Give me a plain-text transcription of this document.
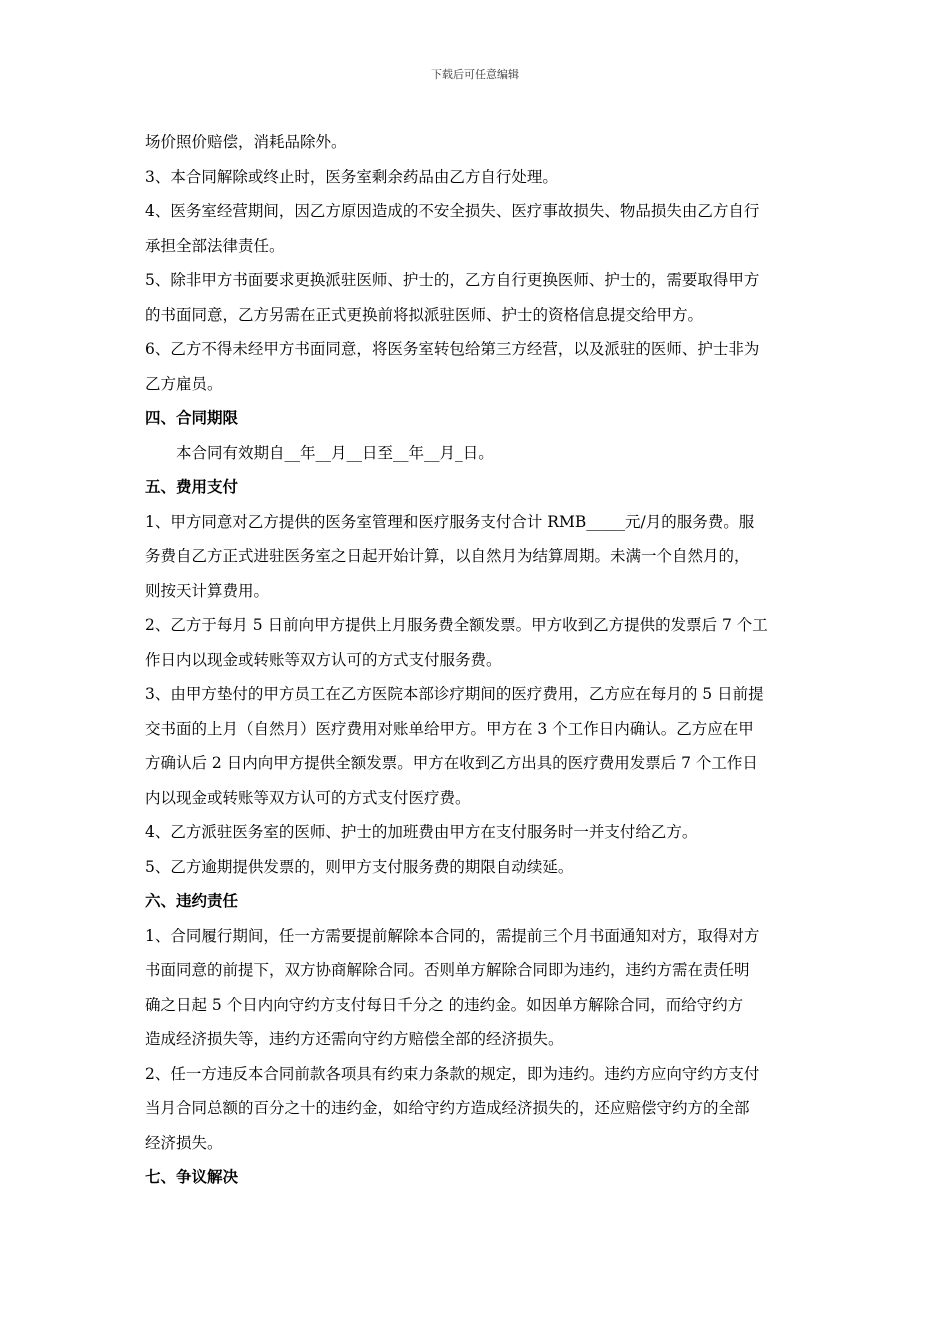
下载后可任意编辑

场价照价赔偿，消耗品除外。

3、本合同解除或终止时，医务室剩余药品由乙方自行处理。

4、医务室经营期间，因乙方原因造成的不安全损失、医疗事故损失、物品损失由乙方自行

承担全部法律责任。

5、除非甲方书面要求更换派驻医师、护士的，乙方自行更换医师、护士的，需要取得甲方

的书面同意，乙方另需在正式更换前将拟派驻医师、护士的资格信息提交给甲方。

6、乙方不得未经甲方书面同意，将医务室转包给第三方经营，以及派驻的医师、护士非为

乙方雇员。

四、合同期限

本合同有效期自__年__月__日至__年__月_日。

五、费用支付

1、甲方同意对乙方提供的医务室管理和医疗服务支付合计 RMB_____元/月的服务费。服

务费自乙方正式进驻医务室之日起开始计算，以自然月为结算周期。未满一个自然月的，

则按天计算费用。

2、乙方于每月 5 日前向甲方提供上月服务费全额发票。甲方收到乙方提供的发票后 7 个工

作日内以现金或转账等双方认可的方式支付服务费。

3、由甲方垫付的甲方员工在乙方医院本部诊疗期间的医疗费用，乙方应在每月的 5 日前提

交书面的上月（自然月）医疗费用对账单给甲方。甲方在 3 个工作日内确认。乙方应在甲

方确认后 2 日内向甲方提供全额发票。甲方在收到乙方出具的医疗费用发票后 7 个工作日

内以现金或转账等双方认可的方式支付医疗费。

4、乙方派驻医务室的医师、护士的加班费由甲方在支付服务时一并支付给乙方。

5、乙方逾期提供发票的，则甲方支付服务费的期限自动续延。

六、违约责任

1、合同履行期间，任一方需要提前解除本合同的，需提前三个月书面通知对方，取得对方

书面同意的前提下，双方协商解除合同。否则单方解除合同即为违约，违约方需在责任明

确之日起 5 个日内向守约方支付每日千分之 的违约金。如因单方解除合同，而给守约方

造成经济损失等，违约方还需向守约方赔偿全部的经济损失。

2、任一方违反本合同前款各项具有约束力条款的规定，即为违约。违约方应向守约方支付

当月合同总额的百分之十的违约金，如给守约方造成经济损失的，还应赔偿守约方的全部

经济损失。

七、争议解决
